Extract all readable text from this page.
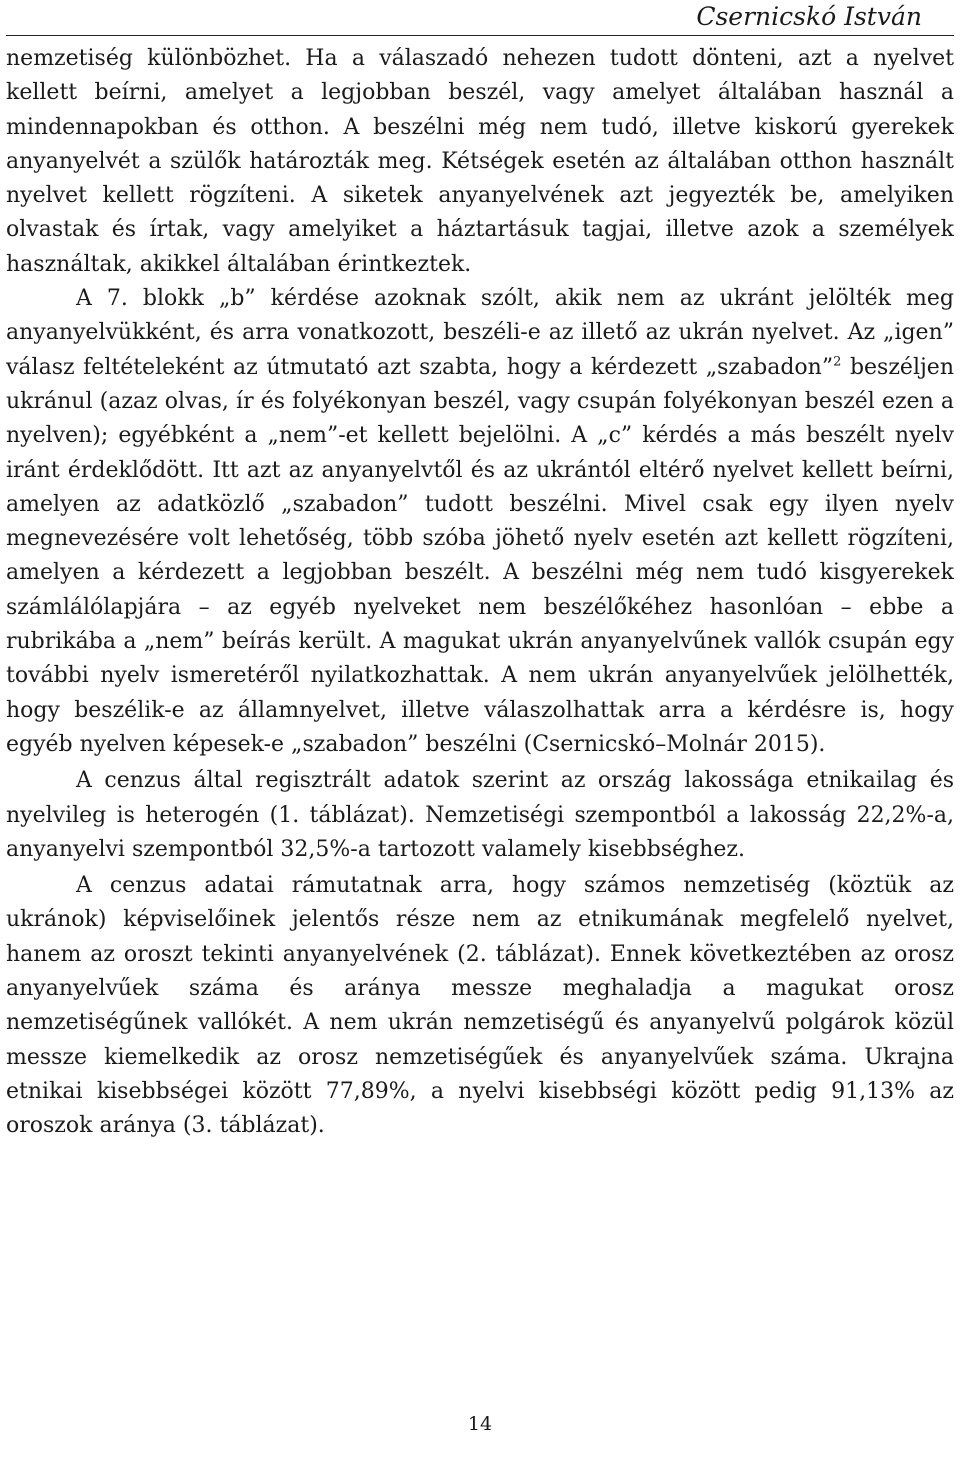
Csernicskó István

nemzetiség különbözhet. Ha a válaszadó nehezen tudott dönteni, azt a nyelvet kellett beírni, amelyet a legjobban beszél, vagy amelyet általában használ a mindennapokban és otthon. A beszélni még nem tudó, illetve kiskorú gyerekek anyanyelvét a szülők határozták meg. Kétségek esetén az általában otthon használt nyelvet kellett rögzíteni. A siketek anyanyelvének azt jegyezték be, amelyiken olvastak és írtak, vagy amelyiket a háztartásuk tagjai, illetve azok a személyek használtak, akikkel általában érintkeztek.

A 7. blokk „b” kérdése azoknak szólt, akik nem az ukránt jelölték meg anyanyelvükként, és arra vonatkozott, beszéli-e az illető az ukrán nyelvet. Az „igen” válasz feltételeként az útmutató azt szabta, hogy a kérdezett „szabadon”$^2$ beszéljen ukránul (azaz olvas, ír és folyékonyan beszél, vagy csupán folyékonyan beszél ezen a nyelven); egyébként a „nem”-et kellett bejelölni. A „c” kérdés a más beszélt nyelv iránt érdeklődött. Itt azt az anyanyelvtől és az ukrántól eltérő nyelvet kellett beírni, amelyen az adatközlő „szabadon” tudott beszélni. Mivel csak egy ilyen nyelv megnevezésére volt lehetőség, több szóba jöhető nyelv esetén azt kellett rögzíteni, amelyen a kérdezett a legjobban beszélt. A beszélni még nem tudó kisgyerekek számlálólapjára – az egyéb nyelveket nem beszélőkéhez hasonlóan – ebbe a rubrikába a „nem” beírás került. A magukat ukrán anyanyelvűnek vallók csupán egy további nyelv ismeretéről nyilatkozhattak. A nem ukrán anyanyelvűek jelölhették, hogy beszélik-e az államnyelvet, illetve válaszolhattak arra a kérdésre is, hogy egyéb nyelven képesek-e „szabadon” beszélni (Csernicskó–Molnár 2015).

A cenzus által regisztrált adatok szerint az ország lakossága etnikailag és nyelvileg is heterogén (1. táblázat). Nemzetiségi szempontból a lakosság 22,2%-a, anyanyelvi szempontból 32,5%-a tartozott valamely kisebbséghez.

A cenzus adatai rámutatnak arra, hogy számos nemzetiség (köztük az ukránok) képviselőinek jelentős része nem az etnikumának megfelelő nyelvet, hanem az oroszt tekinti anyanyelvének (2. táblázat). Ennek következtében az orosz anyanyelvűek száma és aránya messze meghaladja a magukat orosz nemzetiségűnek vallókét. A nem ukrán nemzetiségű és anyanyelvű polgárok közül messze kiemelkedik az orosz nemzetiségűek és anyanyelvűek száma. Ukrajna etnikai kisebbségei között 77,89%, a nyelvi kisebbségi között pedig 91,13% az oroszok aránya (3. táblázat).

14
